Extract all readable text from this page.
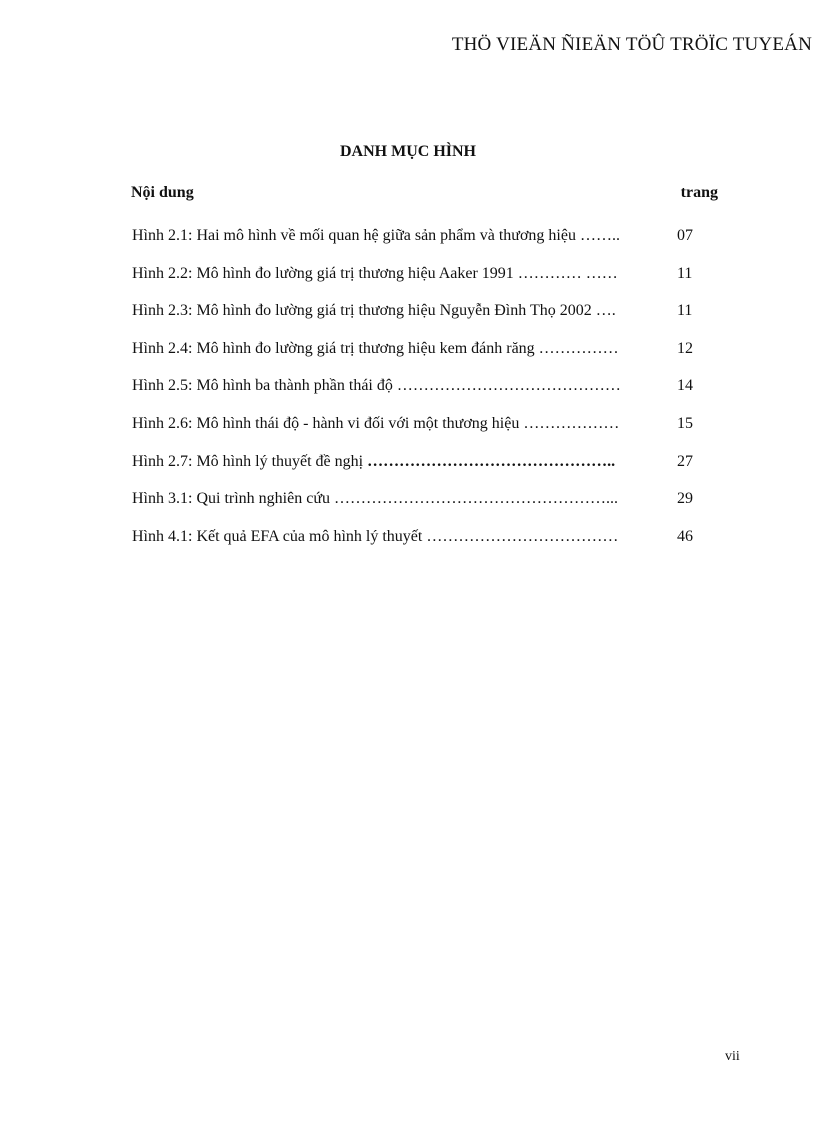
THÖ VIEÄN ÑIEÄN TÖÛ TRÖÏC TUYEÁN
DANH MỤC HÌNH
Nội dung	trang
Hình 2.1: Hai mô hình về mối quan hệ giữa sản phẩm và thương hiệu ……..	07
Hình 2.2: Mô hình đo lường giá trị thương hiệu Aaker 1991 ………… ……	11
Hình 2.3: Mô hình đo lường giá trị thương hiệu Nguyễn Đình Thọ 2002 ….	11
Hình 2.4: Mô hình đo lường giá trị thương hiệu kem đánh răng ……………	12
Hình 2.5: Mô hình ba thành phần thái độ ……………………………………	14
Hình 2.6: Mô hình thái độ - hành vi đối với một thương hiệu ………………	15
Hình 2.7: Mô hình lý thuyết đề nghị ………………………………………..	27
Hình 3.1: Qui trình nghiên cứu ……………………………………………...	29
Hình 4.1: Kết quả EFA của mô hình lý thuyết ………………………………	46
vii
